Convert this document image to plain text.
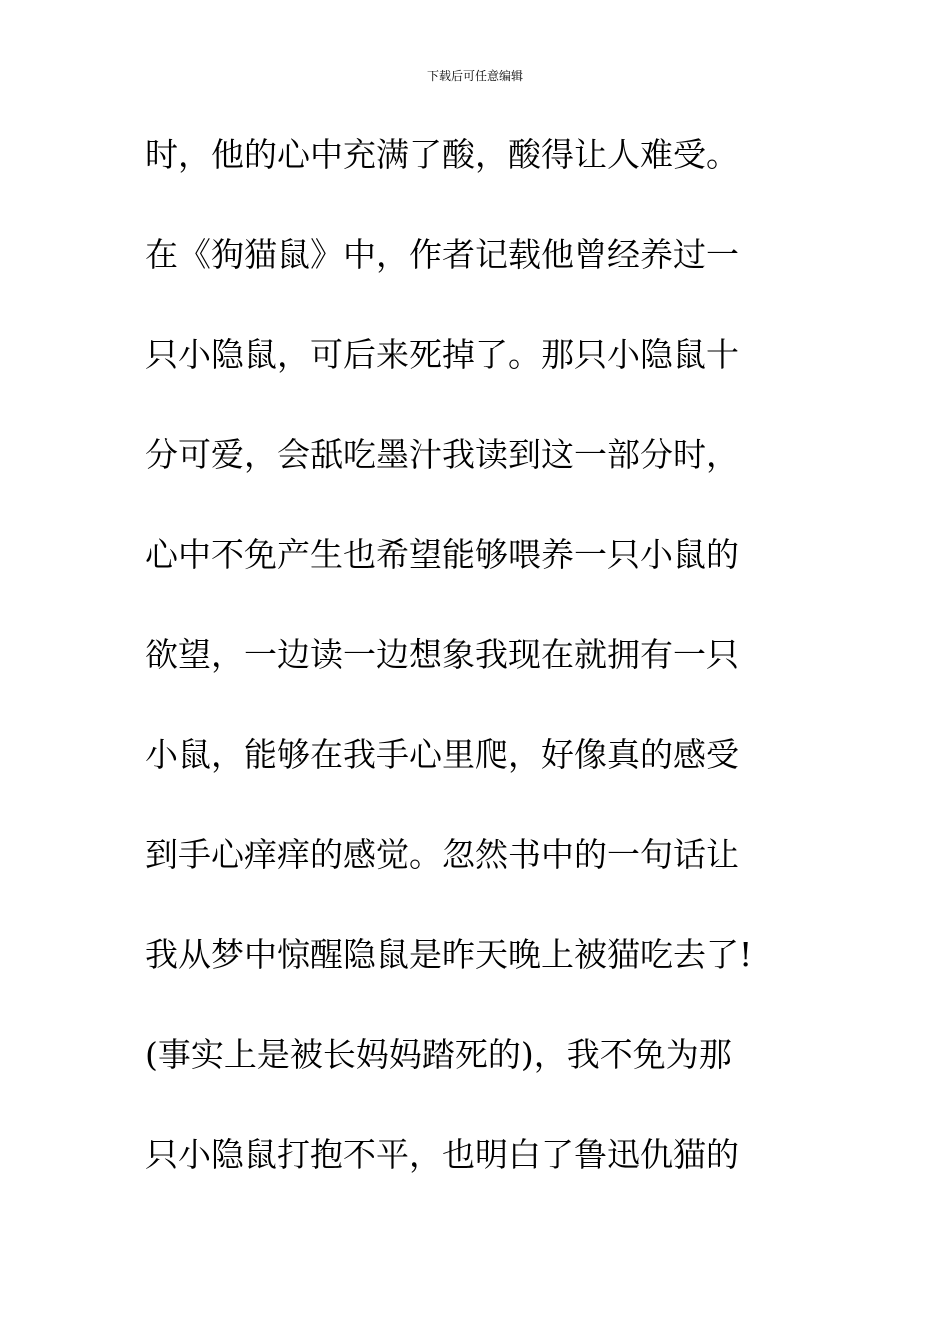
下载后可任意编辑
时，他的心中充满了酸，酸得让人难受。
在《狗猫鼠》中，作者记载他曾经养过一
只小隐鼠，可后来死掉了。那只小隐鼠十
分可爱，会舐吃墨汁我读到这一部分时，
心中不免产生也希望能够喂养一只小鼠的
欲望，一边读一边想象我现在就拥有一只
小鼠，能够在我手心里爬，好像真的感受
到手心痒痒的感觉。忽然书中的一句话让
我从梦中惊醒隐鼠是昨天晚上被猫吃去了!
(事实上是被长妈妈踏死的)，我不免为那
只小隐鼠打抱不平，也明白了鲁迅仇猫的
